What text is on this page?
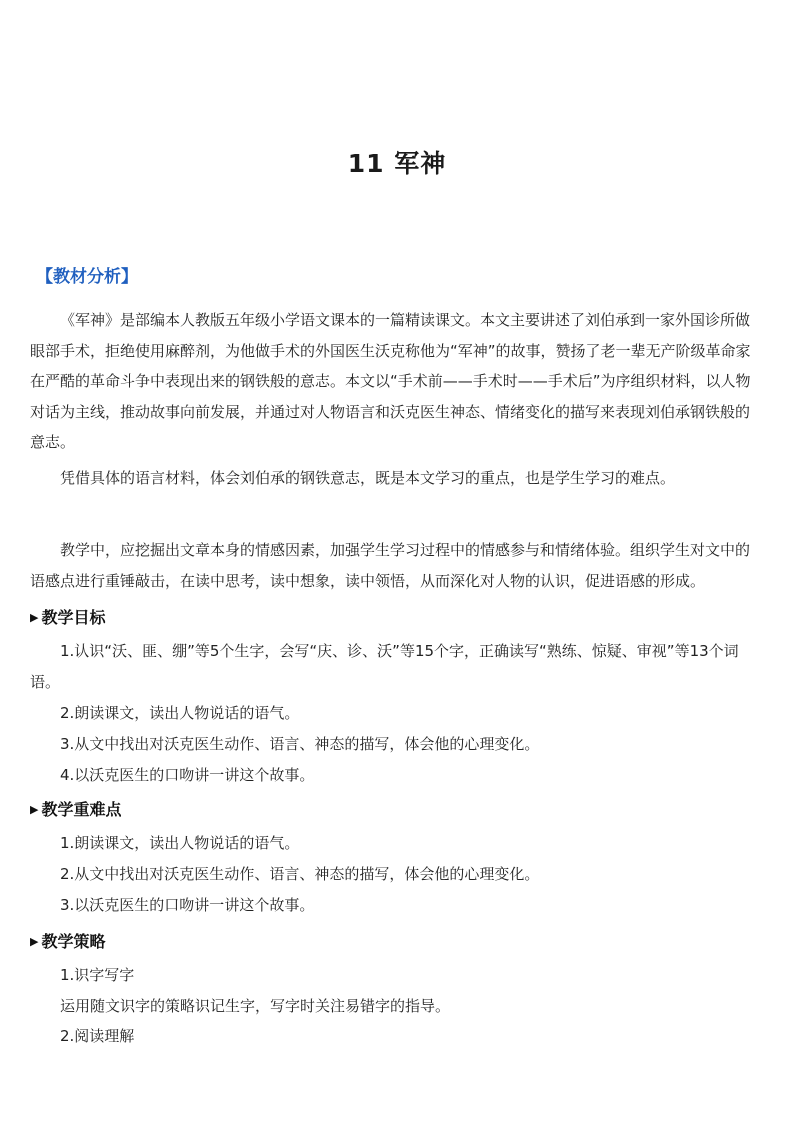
11 军神
【教材分析】

《军神》是部编本人教版五年级小学语文课本的一篇精读课文。本文主要讲述了刘伯承到一家外国诊所做眼部手术，拒绝使用麻醉剂，为他做手术的外国医生沃克称他为“军神”的故事，赞扬了老一辈无产阶级革命家在严酷的革命斗争中表现出来的钢铁般的意志。本文以“手术前——手术时——手术后”为序组织材料，以人物对话为主线，推动故事向前发展，并通过对人物语言和沃克医生神态、情绪变化的描写来表现刘伯承钢铁般的意志。

凭借具体的语言材料，体会刘伯承的钢铁意志，既是本文学习的重点，也是学生学习的难点。

教学中，应挖掘出文章本身的情感因素，加强学生学习过程中的情感参与和情绪体验。组织学生对文中的语感点进行重锤敲击，在读中思考，读中想象，读中领悟，从而深化对人物的认识，促进语感的形成。

▶ 教学目标

1.认识“沃、匪、绷”等5个生字，会写“庆、诊、沃”等15个字，正确读写“熟练、惊疑、审视”等13个词语。

2.朗读课文，读出人物说话的语气。

3.从文中找出对沃克医生动作、语言、神态的描写，体会他的心理变化。

4.以沃克医生的口吻讲一讲这个故事。

▶ 教学重难点

1.朗读课文，读出人物说话的语气。

2.从文中找出对沃克医生动作、语言、神态的描写，体会他的心理变化。

3.以沃克医生的口吻讲一讲这个故事。

▶ 教学策略

1.识字写字

运用随文识字的策略识记生字，写字时关注易错字的指导。

2.阅读理解
